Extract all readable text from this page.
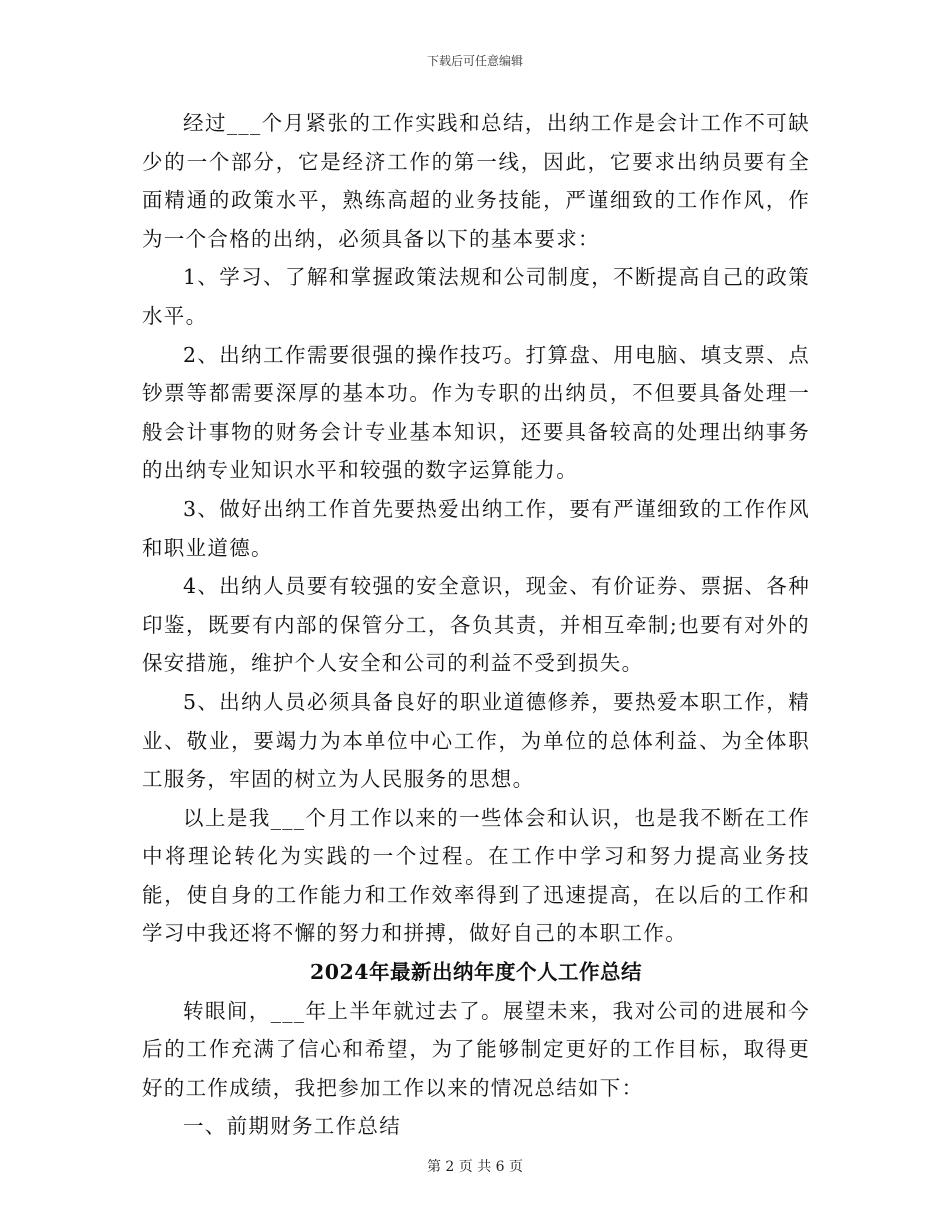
下载后可任意编辑

经过___个月紧张的工作实践和总结，出纳工作是会计工作不可缺少的一个部分，它是经济工作的第一线，因此，它要求出纳员要有全面精通的政策水平，熟练高超的业务技能，严谨细致的工作作风，作为一个合格的出纳，必须具备以下的基本要求：

1、学习、了解和掌握政策法规和公司制度，不断提高自己的政策水平。

2、出纳工作需要很强的操作技巧。打算盘、用电脑、填支票、点钞票等都需要深厚的基本功。作为专职的出纳员，不但要具备处理一般会计事物的财务会计专业基本知识，还要具备较高的处理出纳事务的出纳专业知识水平和较强的数字运算能力。

3、做好出纳工作首先要热爱出纳工作，要有严谨细致的工作作风和职业道德。

4、出纳人员要有较强的安全意识，现金、有价证券、票据、各种印鉴，既要有内部的保管分工，各负其责，并相互牵制;也要有对外的保安措施，维护个人安全和公司的利益不受到损失。

5、出纳人员必须具备良好的职业道德修养，要热爱本职工作，精业、敬业，要竭力为本单位中心工作，为单位的总体利益、为全体职工服务，牢固的树立为人民服务的思想。

以上是我___个月工作以来的一些体会和认识，也是我不断在工作中将理论转化为实践的一个过程。在工作中学习和努力提高业务技能，使自身的工作能力和工作效率得到了迅速提高，在以后的工作和学习中我还将不懈的努力和拼搏，做好自己的本职工作。

2024年最新出纳年度个人工作总结

转眼间，___年上半年就过去了。展望未来，我对公司的进展和今后的工作充满了信心和希望，为了能够制定更好的工作目标，取得更好的工作成绩，我把参加工作以来的情况总结如下：

一、前期财务工作总结

第 2 页 共 6 页
